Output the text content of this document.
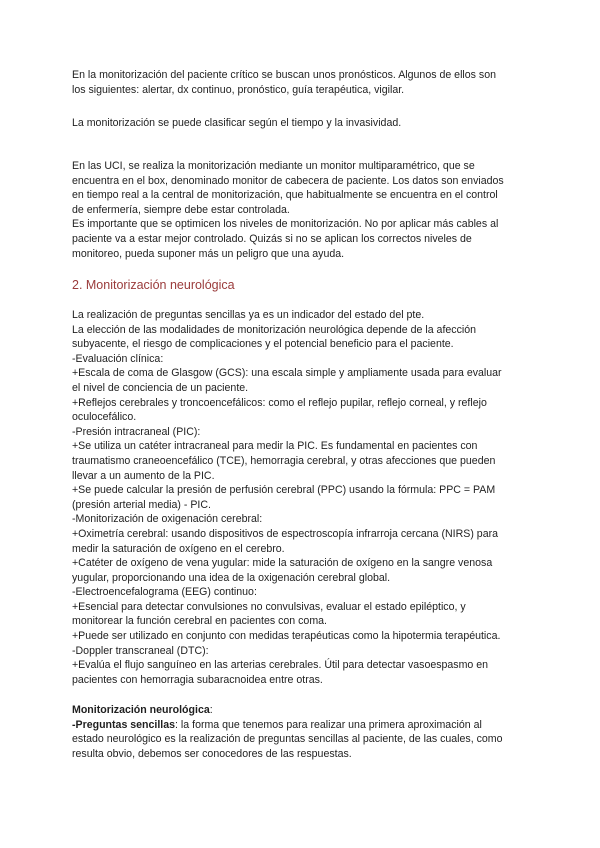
En la monitorización del paciente crítico se buscan unos pronósticos. Algunos de ellos son
los siguientes: alertar, dx continuo, pronóstico, guía terapéutica, vigilar.
La monitorización se puede clasificar según el tiempo y la invasividad.
En las UCI, se realiza la monitorización mediante un monitor multiparamétrico, que se
encuentra en el box, denominado monitor de cabecera de paciente. Los datos son enviados
en tiempo real a la central de monitorización, que habitualmente se encuentra en el control
de enfermería, siempre debe estar controlada.
Es importante que se optimicen los niveles de monitorización. No por aplicar más cables al
paciente va a estar mejor controlado. Quizás si no se aplican los correctos niveles de
monitoreo, pueda suponer más un peligro que una ayuda.
2. Monitorización neurológica
La realización de preguntas sencillas ya es un indicador del estado del pte.
La elección de las modalidades de monitorización neurológica depende de la afección
subyacente, el riesgo de complicaciones y el potencial beneficio para el paciente.
-Evaluación clínica:
+Escala de coma de Glasgow (GCS): una escala simple y ampliamente usada para evaluar
el nivel de conciencia de un paciente.
+Reflejos cerebrales y troncoencefálicos: como el reflejo pupilar, reflejo corneal, y reflejo
oculocefálico.
-Presión intracraneal (PIC):
+Se utiliza un catéter intracraneal para medir la PIC. Es fundamental en pacientes con
traumatismo craneoencefálico (TCE), hemorragia cerebral, y otras afecciones que pueden
llevar a un aumento de la PIC.
+Se puede calcular la presión de perfusión cerebral (PPC) usando la fórmula: PPC = PAM
(presión arterial media) - PIC.
-Monitorización de oxigenación cerebral:
+Oximetría cerebral: usando dispositivos de espectroscopía infrarroja cercana (NIRS) para
medir la saturación de oxígeno en el cerebro.
+Catéter de oxígeno de vena yugular: mide la saturación de oxígeno en la sangre venosa
yugular, proporcionando una idea de la oxigenación cerebral global.
-Electroencefalograma (EEG) continuo:
+Esencial para detectar convulsiones no convulsivas, evaluar el estado epiléptico, y
monitorear la función cerebral en pacientes con coma.
+Puede ser utilizado en conjunto con medidas terapéuticas como la hipotermia terapéutica.
-Doppler transcraneal (DTC):
+Evalúa el flujo sanguíneo en las arterias cerebrales. Útil para detectar vasoespasmo en
pacientes con hemorragia subaracnoidea entre otras.
Monitorización neurológica:
-Preguntas sencillas: la forma que tenemos para realizar una primera aproximación al
estado neurológico es la realización de preguntas sencillas al paciente, de las cuales, como
resulta obvio, debemos ser conocedores de las respuestas.
